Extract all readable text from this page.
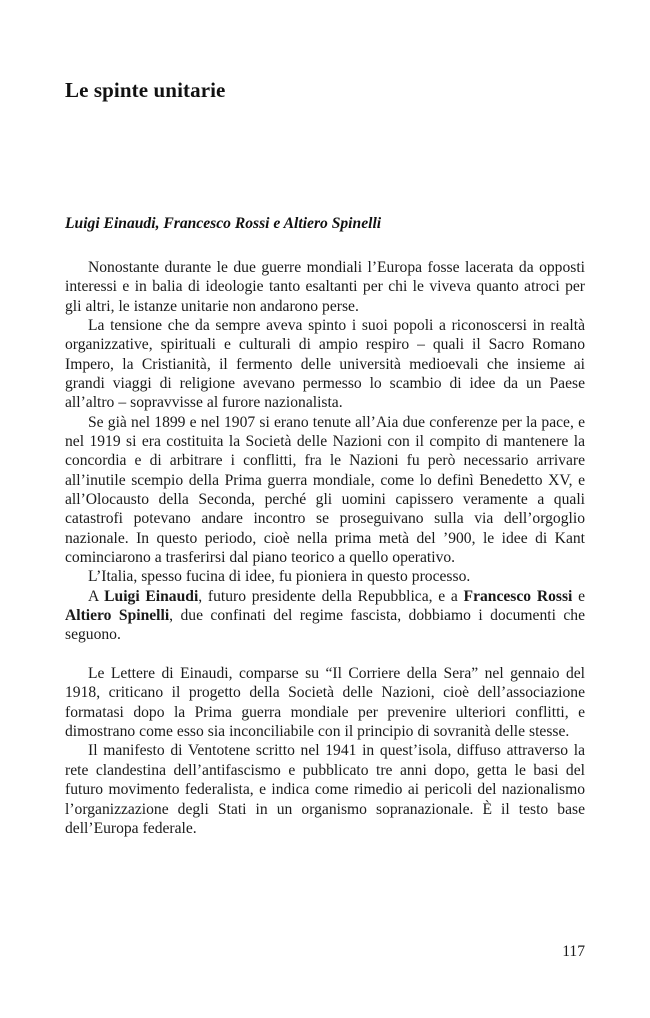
Le spinte unitarie
Luigi Einaudi, Francesco Rossi e Altiero Spinelli

Nonostante durante le due guerre mondiali l’Europa fosse lacerata da opposti interessi e in balia di ideologie tanto esaltanti per chi le viveva quanto atroci per gli altri, le istanze unitarie non andarono perse.

La tensione che da sempre aveva spinto i suoi popoli a riconoscersi in realtà organizzative, spirituali e culturali di ampio respiro – quali il Sacro Romano Impero, la Cristianità, il fermento delle università medioevali che insieme ai grandi viaggi di religione avevano permesso lo scambio di idee da un Paese all’altro – sopravvisse al furore nazionalista.

Se già nel 1899 e nel 1907 si erano tenute all’Aia due conferenze per la pace, e nel 1919 si era costituita la Società delle Nazioni con il compito di mantenere la concordia e di arbitrare i conflitti, fra le Nazioni fu però necessario arrivare all’inutile scempio della Prima guerra mondiale, come lo definì Benedetto XV, e all’Olocausto della Seconda, perché gli uomini capissero veramente a quali catastrofi potevano andare incontro se proseguivano sulla via dell’orgoglio nazionale. In questo periodo, cioè nella prima metà del ’900, le idee di Kant cominciarono a trasferirsi dal piano teorico a quello operativo.

L’Italia, spesso fucina di idee, fu pioniera in questo processo.

A Luigi Einaudi, futuro presidente della Repubblica, e a Francesco Rossi e Altiero Spinelli, due confinati del regime fascista, dobbiamo i documenti che seguono.

Le Lettere di Einaudi, comparse su “Il Corriere della Sera” nel gennaio del 1918, criticano il progetto della Società delle Nazioni, cioè dell’associazione formatasi dopo la Prima guerra mondiale per prevenire ulteriori conflitti, e dimostrano come esso sia inconciliabile con il principio di sovranità delle stesse.

Il manifesto di Ventotene scritto nel 1941 in quest’isola, diffuso attraverso la rete clandestina dell’antifascismo e pubblicato tre anni dopo, getta le basi del futuro movimento federalista, e indica come rimedio ai pericoli del nazionalismo l’organizzazione degli Stati in un organismo sopranazionale. È il testo base dell’Europa federale.

117
